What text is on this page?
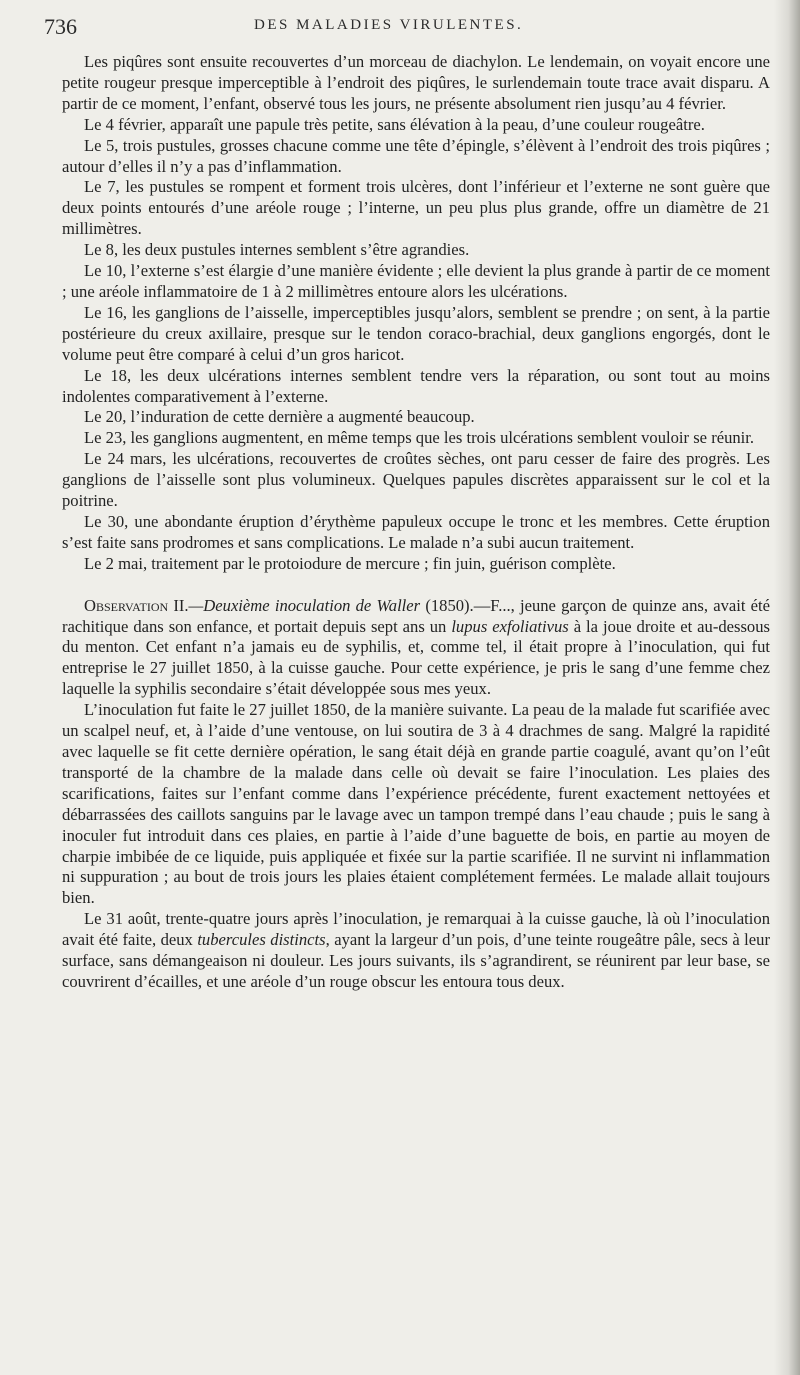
736	DES MALADIES VIRULENTES.

Les piqûres sont ensuite recouvertes d’un morceau de diachylon. Le lendemain, on voyait encore une petite rougeur presque imperceptible à l’endroit des piqûres, le surlendemain toute trace avait disparu. A partir de ce moment, l’enfant, observé tous les jours, ne présente absolument rien jusqu’au 4 février.

Le 4 février, apparaît une papule très petite, sans élévation à la peau, d’une couleur rougeâtre.

Le 5, trois pustules, grosses chacune comme une tête d’épingle, s’élèvent à l’endroit des trois piqûres ; autour d’elles il n’y a pas d’inflammation.

Le 7, les pustules se rompent et forment trois ulcères, dont l’inférieur et l’externe ne sont guère que deux points entourés d’une aréole rouge ; l’interne, un peu plus plus grande, offre un diamètre de 21 millimètres.

Le 8, les deux pustules internes semblent s’être agrandies.

Le 10, l’externe s’est élargie d’une manière évidente ; elle devient la plus grande à partir de ce moment ; une aréole inflammatoire de 1 à 2 millimètres entoure alors les ulcérations.

Le 16, les ganglions de l’aisselle, imperceptibles jusqu’alors, semblent se prendre ; on sent, à la partie postérieure du creux axillaire, presque sur le tendon coraco-brachial, deux ganglions engorgés, dont le volume peut être comparé à celui d’un gros haricot.

Le 18, les deux ulcérations internes semblent tendre vers la réparation, ou sont tout au moins indolentes comparativement à l’externe.

Le 20, l’induration de cette dernière a augmenté beaucoup.

Le 23, les ganglions augmentent, en même temps que les trois ulcérations semblent vouloir se réunir.

Le 24 mars, les ulcérations, recouvertes de croûtes sèches, ont paru cesser de faire des progrès. Les ganglions de l’aisselle sont plus volumineux. Quelques papules discrètes apparaissent sur le col et la poitrine.

Le 30, une abondante éruption d’érythème papuleux occupe le tronc et les membres. Cette éruption s’est faite sans prodromes et sans complications. Le malade n’a subi aucun traitement.

Le 2 mai, traitement par le protoiodure de mercure ; fin juin, guérison complète.

Observation II.—Deuxième inoculation de Waller (1850).—F..., jeune garçon de quinze ans, avait été rachitique dans son enfance, et portait depuis sept ans un lupus exfoliativus à la joue droite et au-dessous du menton. Cet enfant n’a jamais eu de syphilis, et, comme tel, il était propre à l’inoculation, qui fut entreprise le 27 juillet 1850, à la cuisse gauche. Pour cette expérience, je pris le sang d’une femme chez laquelle la syphilis secondaire s’était développée sous mes yeux.

L’inoculation fut faite le 27 juillet 1850, de la manière suivante. La peau de la malade fut scarifiée avec un scalpel neuf, et, à l’aide d’une ventouse, on lui soutira de 3 à 4 drachmes de sang. Malgré la rapidité avec laquelle se fit cette dernière opération, le sang était déjà en grande partie coagulé, avant qu’on l’eût transporté de la chambre de la malade dans celle où devait se faire l’inoculation. Les plaies des scarifications, faites sur l’enfant comme dans l’expérience précédente, furent exactement nettoyées et débarrassées des caillots sanguins par le lavage avec un tampon trempé dans l’eau chaude ; puis le sang à inoculer fut introduit dans ces plaies, en partie à l’aide d’une baguette de bois, en partie au moyen de charpie imbibée de ce liquide, puis appliquée et fixée sur la partie scarifiée. Il ne survint ni inflammation ni suppuration ; au bout de trois jours les plaies étaient complétement fermées. Le malade allait toujours bien.

Le 31 août, trente-quatre jours après l’inoculation, je remarquai à la cuisse gauche, là où l’inoculation avait été faite, deux tubercules distincts, ayant la largeur d’un pois, d’une teinte rougeâtre pâle, secs à leur surface, sans démangeaison ni douleur. Les jours suivants, ils s’agrandirent, se réunirent par leur base, se couvrirent d’écailles, et une aréole d’un rouge obscur les entoura tous deux.
